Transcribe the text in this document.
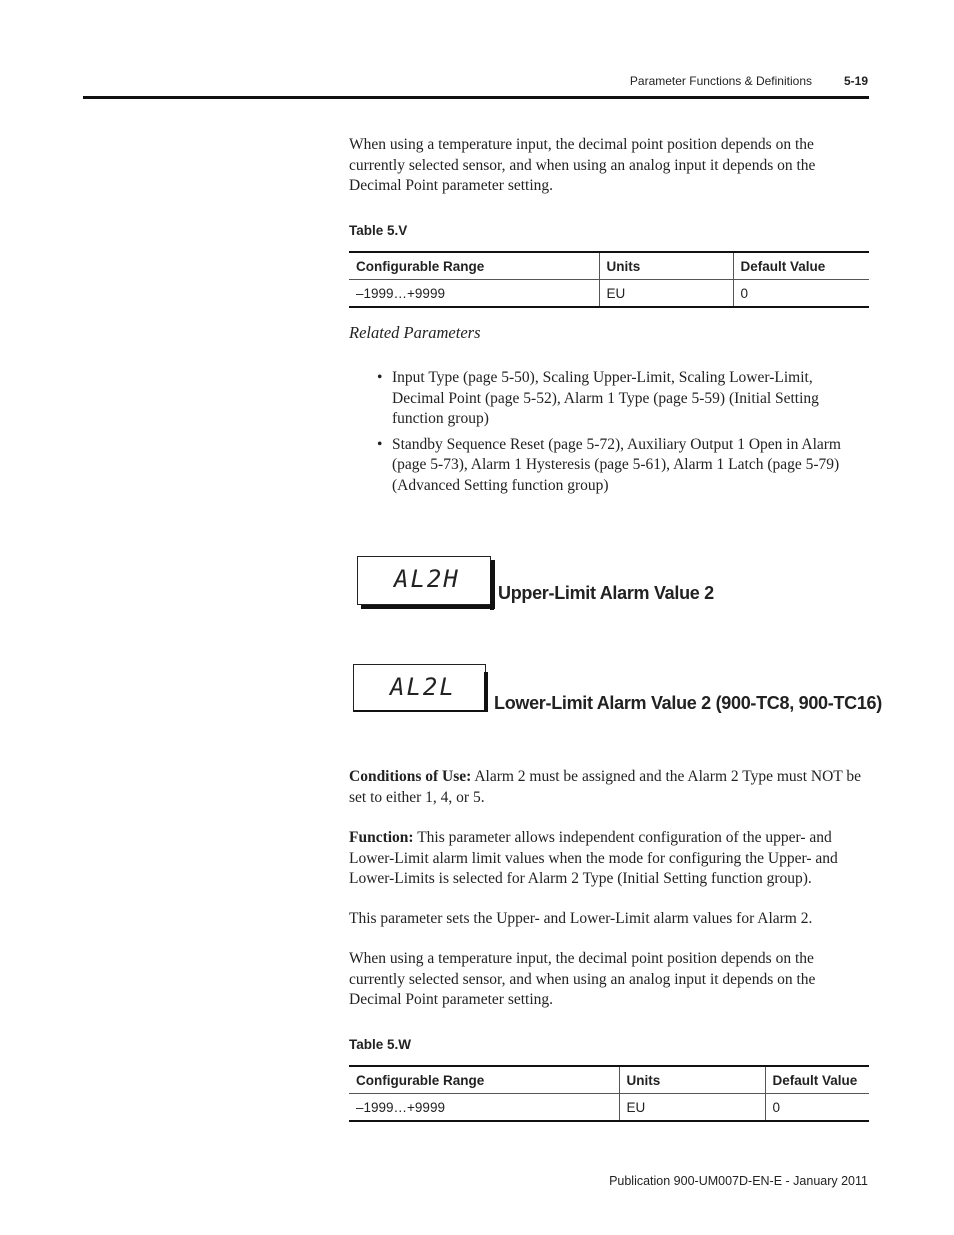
Parameter Functions & Definitions	5-19

When using a temperature input, the decimal point position depends on the currently selected sensor, and when using an analog input it depends on the Decimal Point parameter setting.

Table 5.V
Configurable Range	Units	Default Value
–1999…+9999	EU	0
Related Parameters
• Input Type (page 5-50), Scaling Upper-Limit, Scaling Lower-Limit, Decimal Point (page 5-52), Alarm 1 Type (page 5-59) (Initial Setting function group)
• Standby Sequence Reset (page 5-72), Auxiliary Output 1 Open in Alarm (page 5-73), Alarm 1 Hysteresis (page 5-61), Alarm 1 Latch (page 5-79) (Advanced Setting function group)
AL2H Upper-Limit Alarm Value 2
AL2L
Lower-Limit Alarm Value 2 (900-TC8, 900-TC16)

Conditions of Use: Alarm 2 must be assigned and the Alarm 2 Type must NOT be set to either 1, 4, or 5.

Function: This parameter allows independent configuration of the upper- and Lower-Limit alarm limit values when the mode for configuring the Upper- and Lower-Limits is selected for Alarm 2 Type (Initial Setting function group).

This parameter sets the Upper- and Lower-Limit alarm values for Alarm 2.

When using a temperature input, the decimal point position depends on the currently selected sensor, and when using an analog input it depends on the Decimal Point parameter setting.

Table 5.W
Configurable Range	Units	Default Value
–1999…+9999	EU	0
Publication 900-UM007D-EN-E - January 2011
